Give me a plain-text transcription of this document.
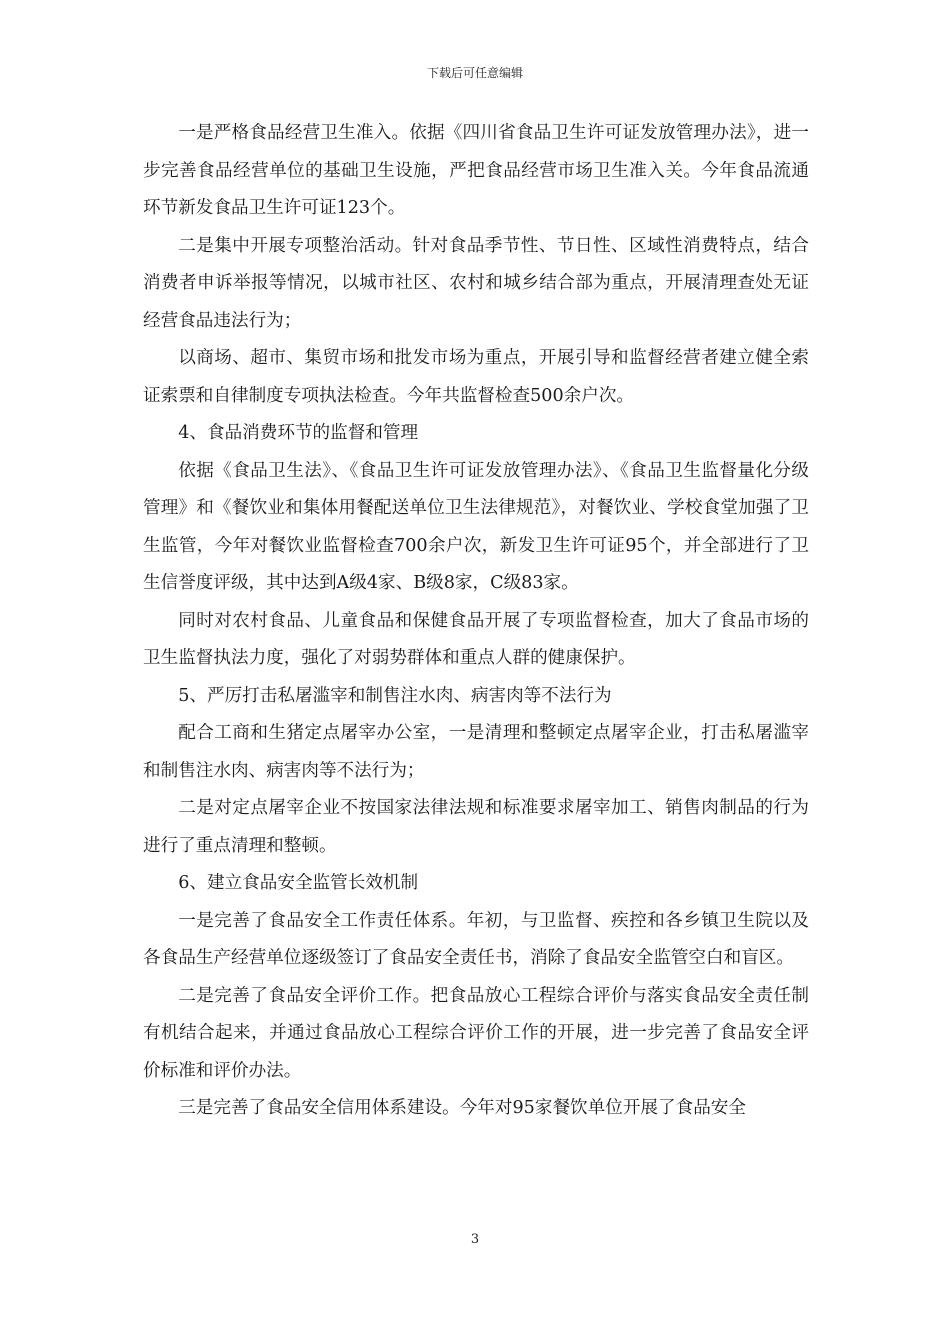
下载后可任意编辑

一是严格食品经营卫生准入。依据《四川省食品卫生许可证发放管理办法》，进一步完善食品经营单位的基础卫生设施，严把食品经营市场卫生准入关。今年食品流通环节新发食品卫生许可证123个。

二是集中开展专项整治活动。针对食品季节性、节日性、区域性消费特点，结合消费者申诉举报等情况，以城市社区、农村和城乡结合部为重点，开展清理查处无证经营食品违法行为；

以商场、超市、集贸市场和批发市场为重点，开展引导和监督经营者建立健全索证索票和自律制度专项执法检查。今年共监督检查500余户次。

4、食品消费环节的监督和管理

依据《食品卫生法》、《食品卫生许可证发放管理办法》、《食品卫生监督量化分级管理》和《餐饮业和集体用餐配送单位卫生法律规范》，对餐饮业、学校食堂加强了卫生监管，今年对餐饮业监督检查700余户次，新发卫生许可证95个，并全部进行了卫生信誉度评级，其中达到A级4家、B级8家，C级83家。

同时对农村食品、儿童食品和保健食品开展了专项监督检查，加大了食品市场的卫生监督执法力度，强化了对弱势群体和重点人群的健康保护。

5、严厉打击私屠滥宰和制售注水肉、病害肉等不法行为

配合工商和生猪定点屠宰办公室，一是清理和整顿定点屠宰企业，打击私屠滥宰和制售注水肉、病害肉等不法行为；

二是对定点屠宰企业不按国家法律法规和标准要求屠宰加工、销售肉制品的行为进行了重点清理和整顿。

6、建立食品安全监管长效机制

一是完善了食品安全工作责任体系。年初，与卫监督、疾控和各乡镇卫生院以及各食品生产经营单位逐级签订了食品安全责任书，消除了食品安全监管空白和盲区。

二是完善了食品安全评价工作。把食品放心工程综合评价与落实食品安全责任制有机结合起来，并通过食品放心工程综合评价工作的开展，进一步完善了食品安全评价标准和评价办法。

三是完善了食品安全信用体系建设。今年对95家餐饮单位开展了食品安全

3
